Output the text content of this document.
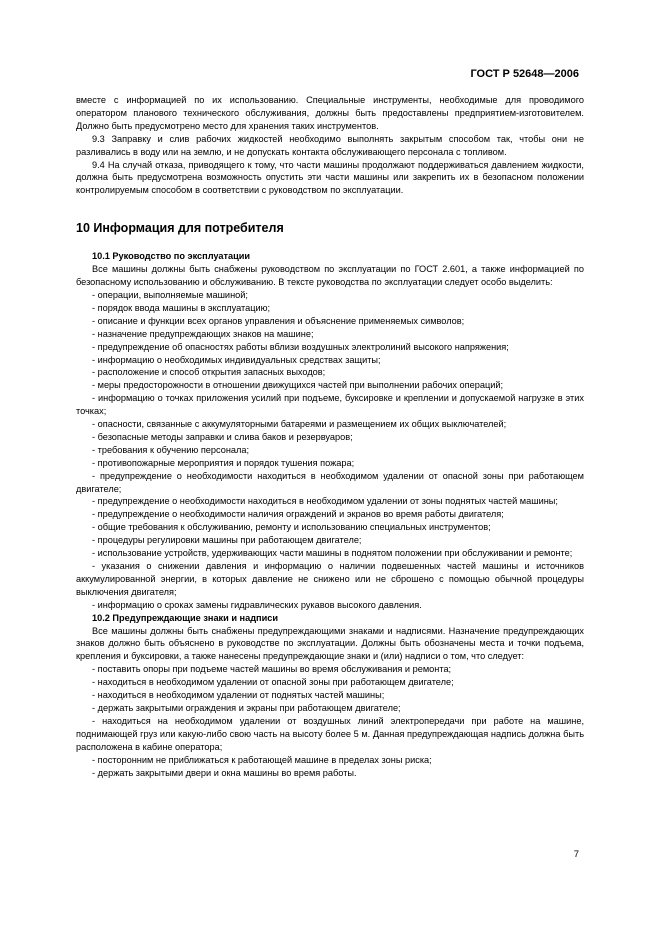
ГОСТ Р 52648—2006

вместе с информацией по их использованию. Специальные инструменты, необходимые для проводимого оператором планового технического обслуживания, должны быть предоставлены предприятием-изготовителем. Должно быть предусмотрено место для хранения таких инструментов.

9.3 Заправку и слив рабочих жидкостей необходимо выполнять закрытым способом так, чтобы они не разливались в воду или на землю, и не допускать контакта обслуживающего персонала с топливом.

9.4 На случай отказа, приводящего к тому, что части машины продолжают поддерживаться давлением жидкости, должна быть предусмотрена возможность опустить эти части машины или закрепить их в безопасном положении контролируемым способом в соответствии с руководством по эксплуатации.

10 Информация для потребителя

10.1 Руководство по эксплуатации

Все машины должны быть снабжены руководством по эксплуатации по ГОСТ 2.601, а также информацией по безопасному использованию и обслуживанию. В тексте руководства по эксплуатации следует особо выделить:

- операции, выполняемые машиной;

- порядок ввода машины в эксплуатацию;

- описание и функции всех органов управления и объяснение применяемых символов;

- назначение предупреждающих знаков на машине;

- предупреждение об опасностях работы вблизи воздушных электролиний высокого напряжения;

- информацию о необходимых индивидуальных средствах защиты;

- расположение и способ открытия запасных выходов;

- меры предосторожности в отношении движущихся частей при выполнении рабочих операций;

- информацию о точках приложения усилий при подъеме, буксировке и креплении и допускаемой нагрузке в этих точках;

- опасности, связанные с аккумуляторными батареями и размещением их общих выключателей;

- безопасные методы заправки и слива баков и резервуаров;

- требования к обучению персонала;

- противопожарные мероприятия и порядок тушения пожара;

- предупреждение о необходимости находиться в необходимом удалении от опасной зоны при работающем двигателе;

- предупреждение о необходимости находиться в необходимом удалении от зоны поднятых частей машины;

- предупреждение о необходимости наличия ограждений и экранов во время работы двигателя;

- общие требования к обслуживанию, ремонту и использованию специальных инструментов;

- процедуры регулировки машины при работающем двигателе;

- использование устройств, удерживающих части машины в поднятом положении при обслуживании и ремонте;

- указания о снижении давления и информацию о наличии подвешенных частей машины и источников аккумулированной энергии, в которых давление не снижено или не сброшено с помощью обычной процедуры выключения двигателя;

- информацию о сроках замены гидравлических рукавов высокого давления.

10.2 Предупреждающие знаки и надписи

Все машины должны быть снабжены предупреждающими знаками и надписями. Назначение предупреждающих знаков должно быть объяснено в руководстве по эксплуатации. Должны быть обозначены места и точки подъема, крепления и буксировки, а также нанесены предупреждающие знаки и (или) надписи о том, что следует:

- поставить опоры при подъеме частей машины во время обслуживания и ремонта;

- находиться в необходимом удалении от опасной зоны при работающем двигателе;

- находиться в необходимом удалении от поднятых частей машины;

- держать закрытыми ограждения и экраны при работающем двигателе;

- находиться на необходимом удалении от воздушных линий электропередачи при работе на машине, поднимающей груз или какую-либо свою часть на высоту более 5 м. Данная предупреждающая надпись должна быть расположена в кабине оператора;

- посторонним не приближаться к работающей машине в пределах зоны риска;

- держать закрытыми двери и окна машины во время работы.

7
